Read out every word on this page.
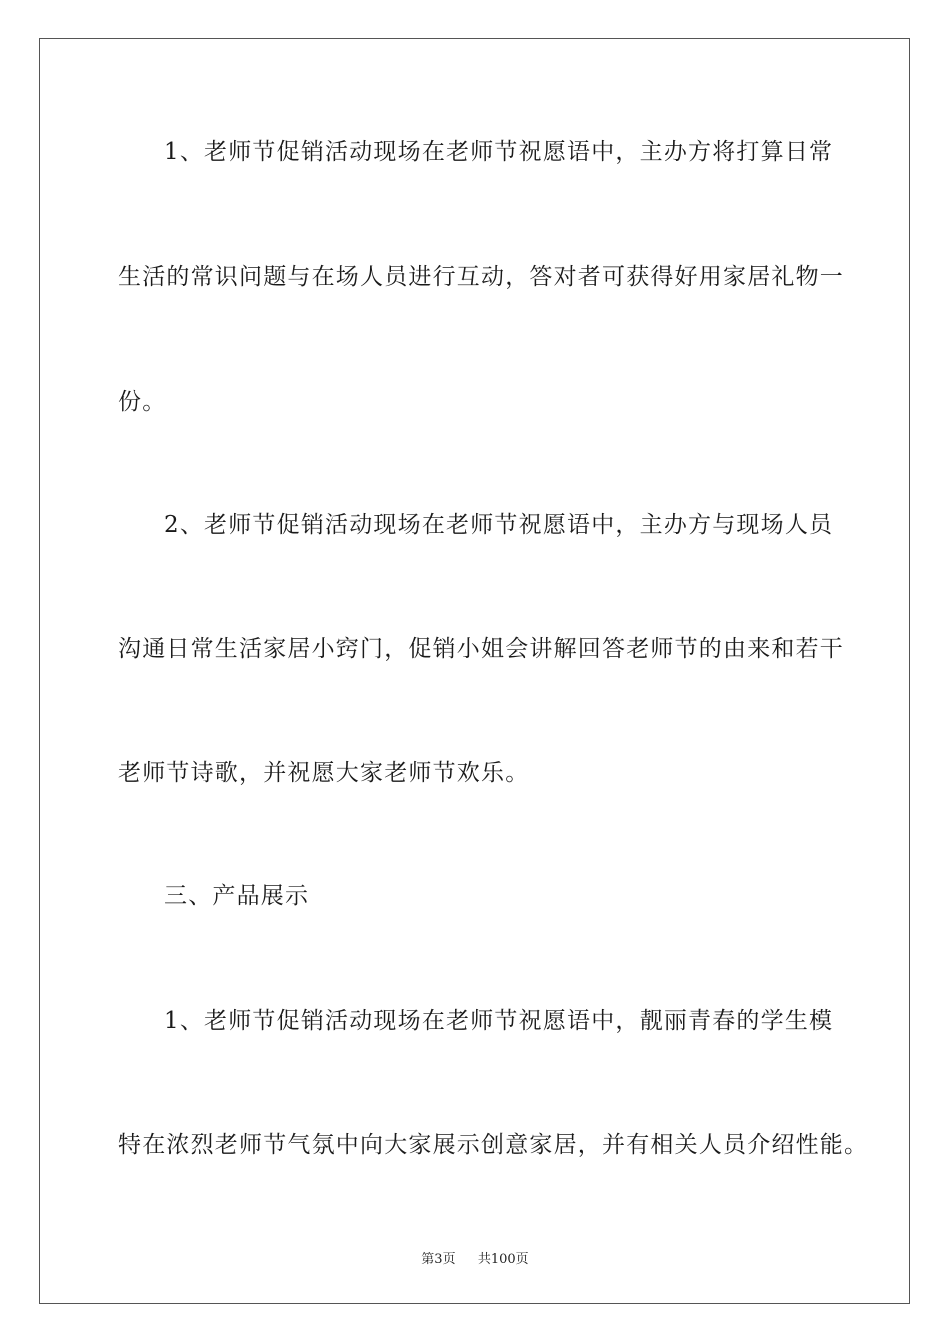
1、老师节促销活动现场在老师节祝愿语中，主办方将打算日常
生活的常识问题与在场人员进行互动，答对者可获得好用家居礼物一
份。
2、老师节促销活动现场在老师节祝愿语中，主办方与现场人员
沟通日常生活家居小窍门，促销小姐会讲解回答老师节的由来和若干
老师节诗歌，并祝愿大家老师节欢乐。
三、产品展示
1、老师节促销活动现场在老师节祝愿语中，靓丽青春的学生模
特在浓烈老师节气氛中向大家展示创意家居，并有相关人员介绍性能。
第3页 共100页
